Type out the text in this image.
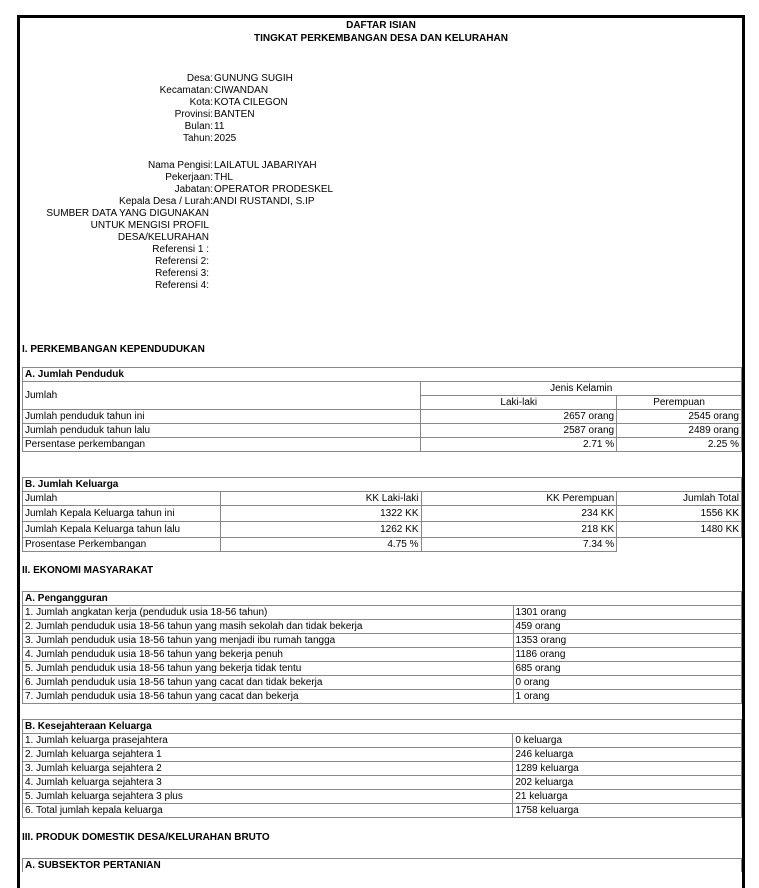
DAFTAR ISIAN
TINGKAT PERKEMBANGAN DESA DAN KELURAHAN
Desa: GUNUNG SUGIH
Kecamatan: CIWANDAN
Kota: KOTA CILEGON
Provinsi: BANTEN
Bulan: 11
Tahun: 2025
Nama Pengisi: LAILATUL JABARIYAH
Pekerjaan: THL
Jabatan: OPERATOR PRODESKEL
Kepala Desa / Lurah: ANDI RUSTANDI, S.IP
SUMBER DATA YANG DIGUNAKAN
UNTUK MENGISI PROFIL
DESA/KELURAHAN
Referensi 1 :
Referensi 2:
Referensi 3:
Referensi 4:
I. PERKEMBANGAN KEPENDUDUKAN
A. Jumlah Penduduk		
Jumlah	Jenis Kelamin	
	Laki-laki	Perempuan
Jumlah penduduk tahun ini	2657 orang	2545 orang
Jumlah penduduk tahun lalu	2587 orang	2489 orang
Persentase perkembangan	2.71 %	2.25 %
B. Jumlah Keluarga			
Jumlah	KK Laki-laki	KK Perempuan	Jumlah Total
Jumlah Kepala Keluarga tahun ini	1322 KK	234 KK	1556 KK
Jumlah Kepala Keluarga tahun lalu	1262 KK	218 KK	1480 KK
Prosentase Perkembangan	4.75 %	7.34 %	
II. EKONOMI MASYARAKAT
A. Pengangguran	
1. Jumlah angkatan kerja (penduduk usia 18-56 tahun)	1301 orang
2. Jumlah penduduk usia 18-56 tahun yang masih sekolah dan tidak bekerja	459 orang
3. Jumlah penduduk usia 18-56 tahun yang menjadi ibu rumah tangga	1353 orang
4. Jumlah penduduk usia 18-56 tahun yang bekerja penuh	1186 orang
5. Jumlah penduduk usia 18-56 tahun yang bekerja tidak tentu	685 orang
6. Jumlah penduduk usia 18-56 tahun yang cacat dan tidak bekerja	0 orang
7. Jumlah penduduk usia 18-56 tahun yang cacat dan bekerja	1 orang
B. Kesejahteraan Keluarga	
1. Jumlah keluarga prasejahtera	0 keluarga
2. Jumlah keluarga sejahtera 1	246 keluarga
3. Jumlah keluarga sejahtera 2	1289 keluarga
4. Jumlah keluarga sejahtera 3	202 keluarga
5. Jumlah keluarga sejahtera 3 plus	21 keluarga
6. Total jumlah kepala keluarga	1758 keluarga
III. PRODUK DOMESTIK DESA/KELURAHAN BRUTO
A. SUBSEKTOR PERTANIAN
